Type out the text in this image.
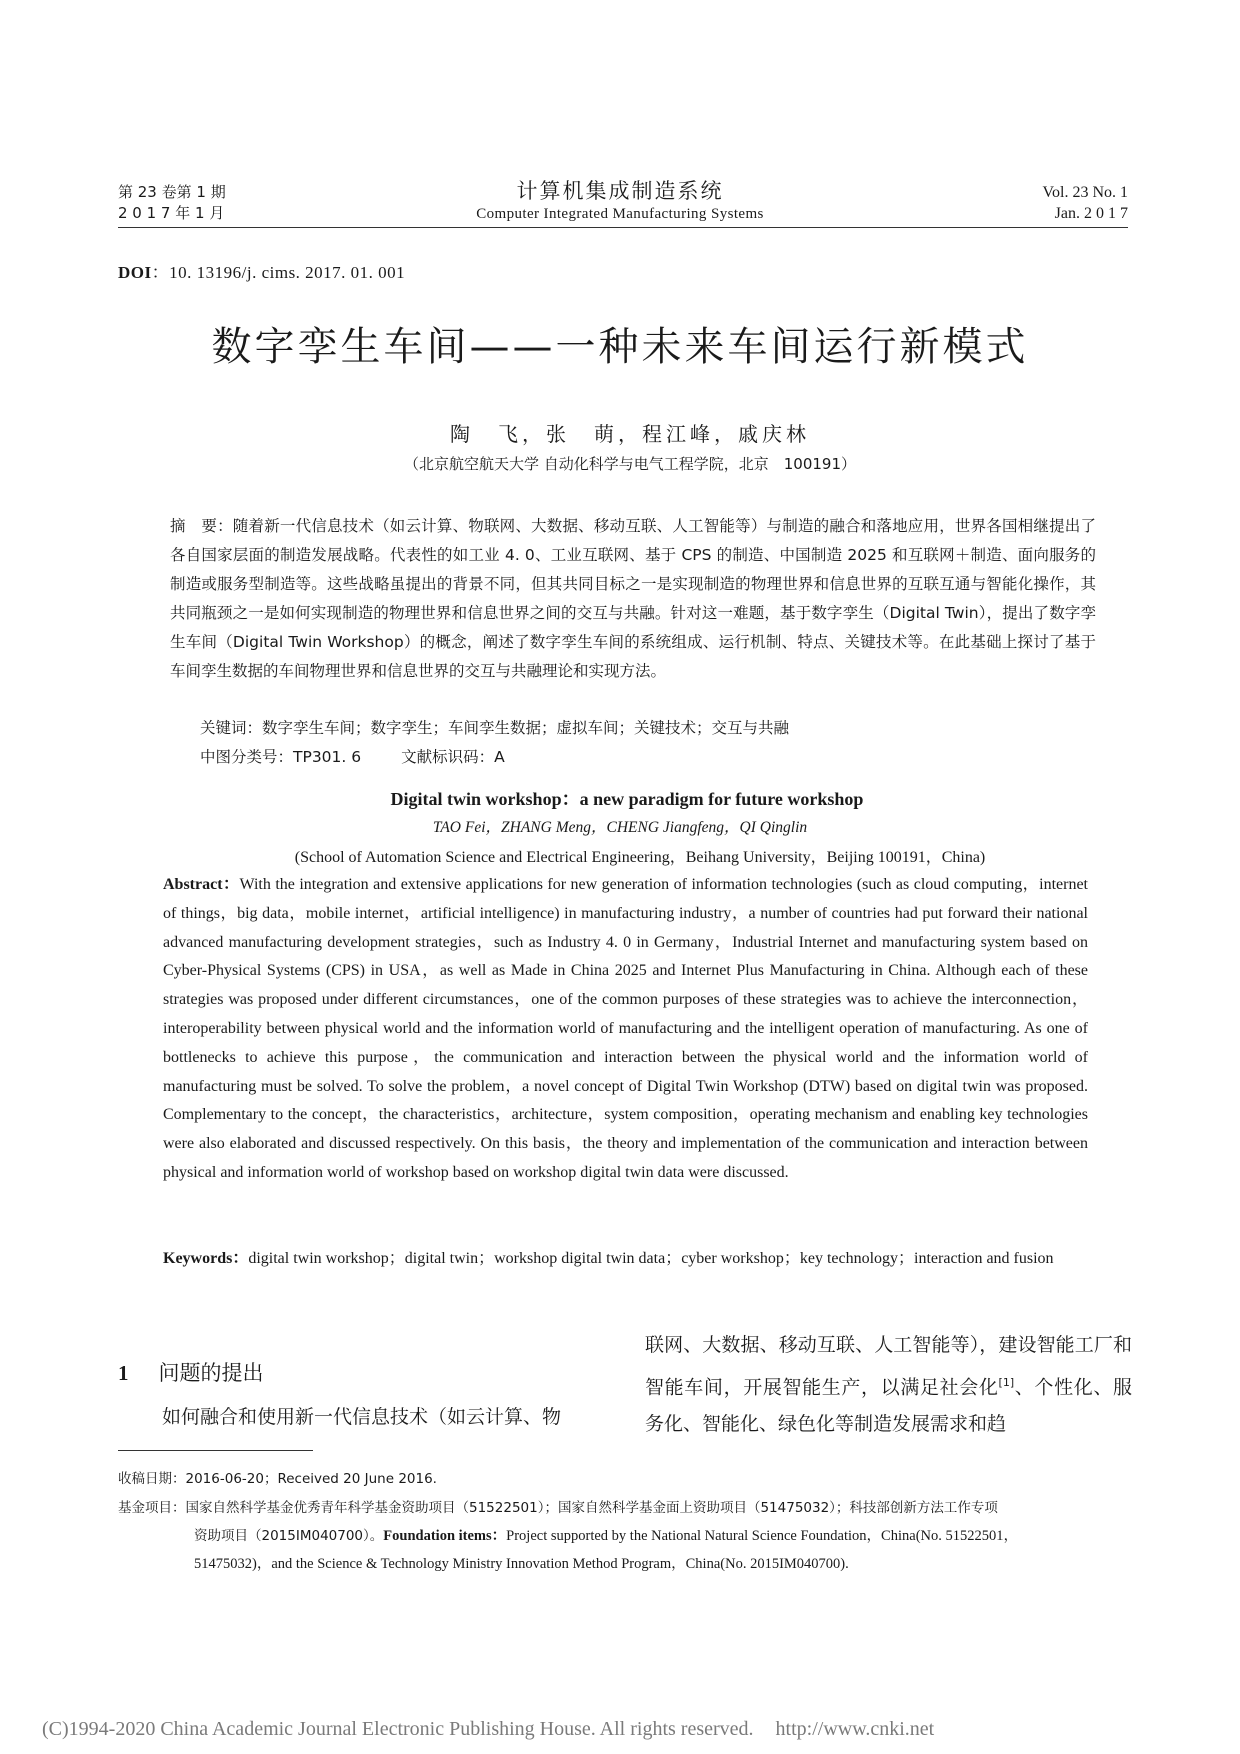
第 23 卷第 1 期
2 0 1 7 年 1 月
计算机集成制造系统
Computer Integrated Manufacturing Systems
Vol. 23 No. 1
Jan. 2 0 1 7
DOI：10. 13196/j. cims. 2017. 01. 001
数字孪生车间——一种未来车间运行新模式
陶　飞，张　萌，程江峰，戚庆林
（北京航空航天大学 自动化科学与电气工程学院，北京　100191）
摘　要：随着新一代信息技术（如云计算、物联网、大数据、移动互联、人工智能等）与制造的融合和落地应用，世界各国相继提出了各自国家层面的制造发展战略。代表性的如工业 4. 0、工业互联网、基于 CPS 的制造、中国制造 2025 和互联网＋制造、面向服务的制造或服务型制造等。这些战略虽提出的背景不同，但其共同目标之一是实现制造的物理世界和信息世界的互联互通与智能化操作，其共同瓶颈之一是如何实现制造的物理世界和信息世界之间的交互与共融。针对这一难题，基于数字孪生（Digital Twin），提出了数字孪生车间（Digital Twin Workshop）的概念，阐述了数字孪生车间的系统组成、运行机制、特点、关键技术等。在此基础上探讨了基于车间孪生数据的车间物理世界和信息世界的交互与共融理论和实现方法。
关键词：数字孪生车间；数字孪生；车间孪生数据；虚拟车间；关键技术；交互与共融
中图分类号：TP301. 6	文献标识码：A
Digital twin workshop：a new paradigm for future workshop
TAO Fei，ZHANG Meng，CHENG Jiangfeng，QI Qinglin
(School of Automation Science and Electrical Engineering，Beihang University，Beijing 100191，China)
Abstract：With the integration and extensive applications for new generation of information technologies (such as cloud computing，internet of things，big data，mobile internet，artificial intelligence) in manufacturing industry，a number of countries had put forward their national advanced manufacturing development strategies，such as Industry 4. 0 in Germany，Industrial Internet and manufacturing system based on Cyber-Physical Systems (CPS) in USA，as well as Made in China 2025 and Internet Plus Manufacturing in China. Although each of these strategies was proposed under different circumstances，one of the common purposes of these strategies was to achieve the interconnection，interoperability between physical world and the information world of manufacturing and the intelligent operation of manufacturing. As one of bottlenecks to achieve this purpose，the communication and interaction between the physical world and the information world of manufacturing must be solved. To solve the problem，a novel concept of Digital Twin Workshop (DTW) based on digital twin was proposed. Complementary to the concept，the characteristics，architecture，system composition，operating mechanism and enabling key technologies were also elaborated and discussed respectively. On this basis，the theory and implementation of the communication and interaction between physical and information world of workshop based on workshop digital twin data were discussed.
Keywords：digital twin workshop；digital twin；workshop digital twin data；cyber workshop；key technology；interaction and fusion
1 问题的提出
如何融合和使用新一代信息技术（如云计算、物
联网、大数据、移动互联、人工智能等），建设智能工厂和智能车间，开展智能生产，以满足社会化[1]、个性化、服务化、智能化、绿色化等制造发展需求和趋
收稿日期：2016-06-20；Received 20 June 2016.
基金项目：国家自然科学基金优秀青年科学基金资助项目（51522501）；国家自然科学基金面上资助项目（51475032）；科技部创新方法工作专项
资助项目（2015IM040700）。Foundation items：Project supported by the National Natural Science Foundation，China(No. 51522501，
51475032)，and the Science & Technology Ministry Innovation Method Program，China(No. 2015IM040700).
(C)1994-2020 China Academic Journal Electronic Publishing House. All rights reserved. http://www.cnki.net
